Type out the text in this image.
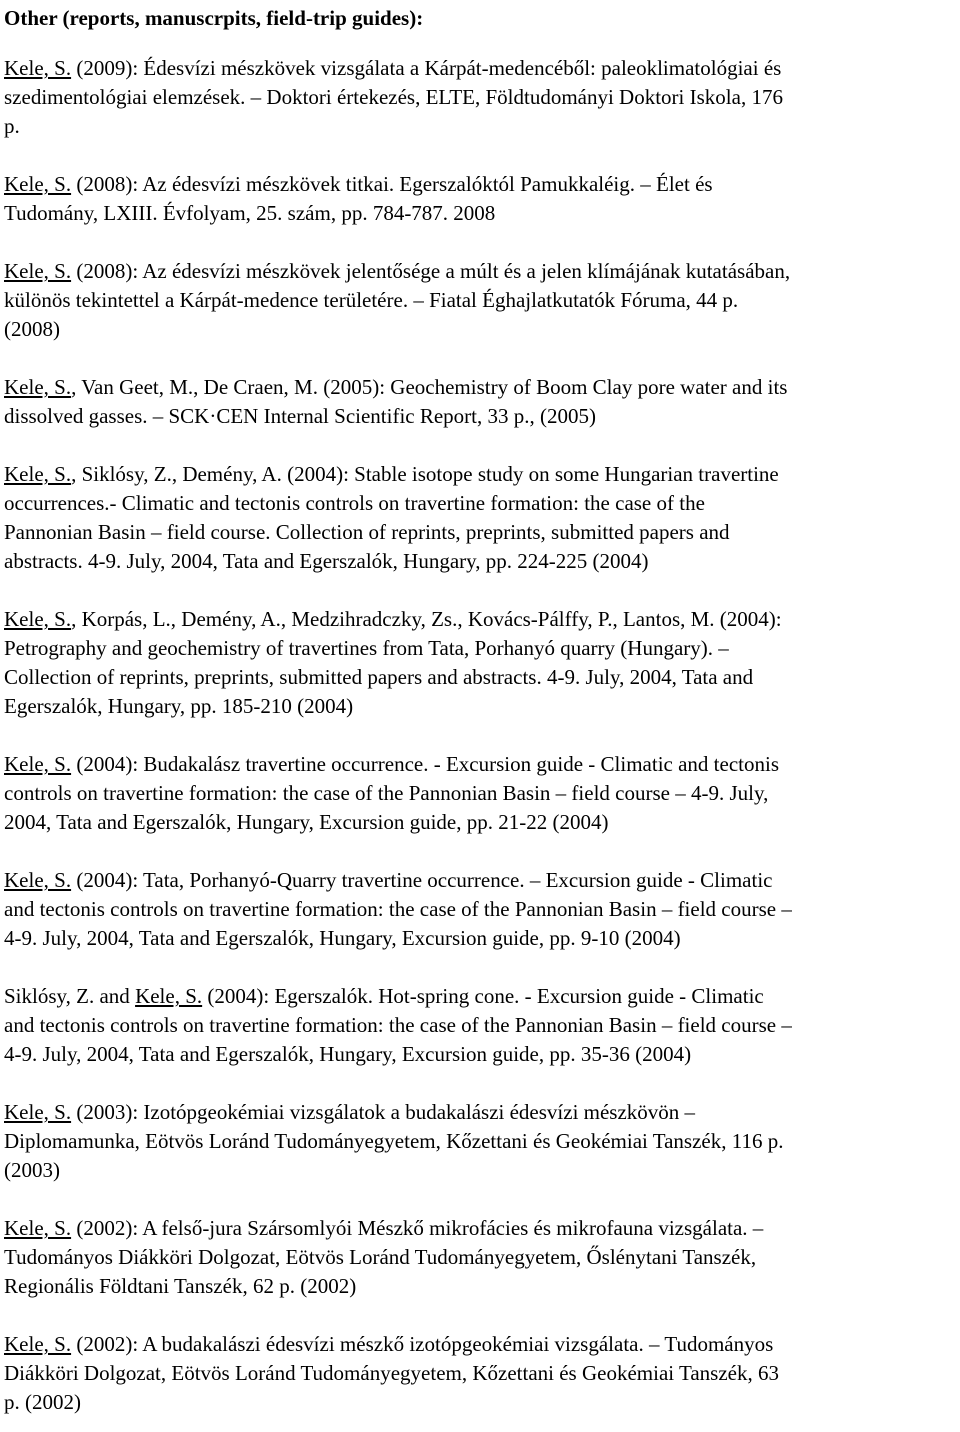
Other (reports, manuscrpits, field-trip guides):
Kele, S. (2009): Édesvízi mészkövek vizsgálata a Kárpát-medencéből: paleoklimatológiai és
szedimentológiai elemzések. – Doktori értekezés, ELTE, Földtudományi Doktori Iskola, 176
p.
Kele, S. (2008): Az édesvízi mészkövek titkai. Egerszalóktól Pamukkaléig. – Élet és
Tudomány, LXIII. Évfolyam, 25. szám, pp. 784-787. 2008
Kele, S. (2008): Az édesvízi mészkövek jelentősége a múlt és a jelen klímájának kutatásában,
különös tekintettel a Kárpát-medence területére. – Fiatal Éghajlatkutatók Fóruma, 44 p.
(2008)
Kele, S., Van Geet, M., De Craen, M. (2005): Geochemistry of Boom Clay pore water and its
dissolved gasses. – SCK·CEN Internal Scientific Report, 33 p., (2005)
Kele, S., Siklósy, Z., Demény, A. (2004): Stable isotope study on some Hungarian travertine
occurrences.- Climatic and tectonis controls on travertine formation: the case of the
Pannonian Basin – field course. Collection of reprints, preprints, submitted papers and
abstracts. 4-9. July, 2004, Tata and Egerszalók, Hungary, pp. 224-225 (2004)
Kele, S., Korpás, L., Demény, A., Medzihradczky, Zs., Kovács-Pálffy, P., Lantos, M. (2004):
Petrography and geochemistry of travertines from Tata, Porhanyó quarry (Hungary). –
Collection of reprints, preprints, submitted papers and abstracts. 4-9. July, 2004, Tata and
Egerszalók, Hungary, pp. 185-210 (2004)
Kele, S. (2004): Budakalász travertine occurrence. - Excursion guide - Climatic and tectonis
controls on travertine formation: the case of the Pannonian Basin – field course – 4-9. July,
2004, Tata and Egerszalók, Hungary, Excursion guide, pp. 21-22 (2004)
Kele, S. (2004): Tata, Porhanyó-Quarry travertine occurrence. – Excursion guide - Climatic
and tectonis controls on travertine formation: the case of the Pannonian Basin – field course –
4-9. July, 2004, Tata and Egerszalók, Hungary, Excursion guide, pp. 9-10 (2004)
Siklósy, Z. and Kele, S. (2004): Egerszalók. Hot-spring cone. - Excursion guide - Climatic
and tectonis controls on travertine formation: the case of the Pannonian Basin – field course –
4-9. July, 2004, Tata and Egerszalók, Hungary, Excursion guide, pp. 35-36 (2004)
Kele, S. (2003): Izotópgeokémiai vizsgálatok a budakalászi édesvízi mészkövön –
Diplomamunka, Eötvös Loránd Tudományegyetem, Kőzettani és Geokémiai Tanszék, 116 p.
(2003)
Kele, S. (2002): A felső-jura Szársomlyói Mészkő mikrofácies és mikrofauna vizsgálata. –
Tudományos Diákköri Dolgozat, Eötvös Loránd Tudományegyetem, Őslénytani Tanszék,
Regionális Földtani Tanszék, 62 p. (2002)
Kele, S. (2002): A budakalászi édesvízi mészkő izotópgeokémiai vizsgálata. – Tudományos
Diákköri Dolgozat, Eötvös Loránd Tudományegyetem, Kőzettani és Geokémiai Tanszék, 63
p. (2002)
